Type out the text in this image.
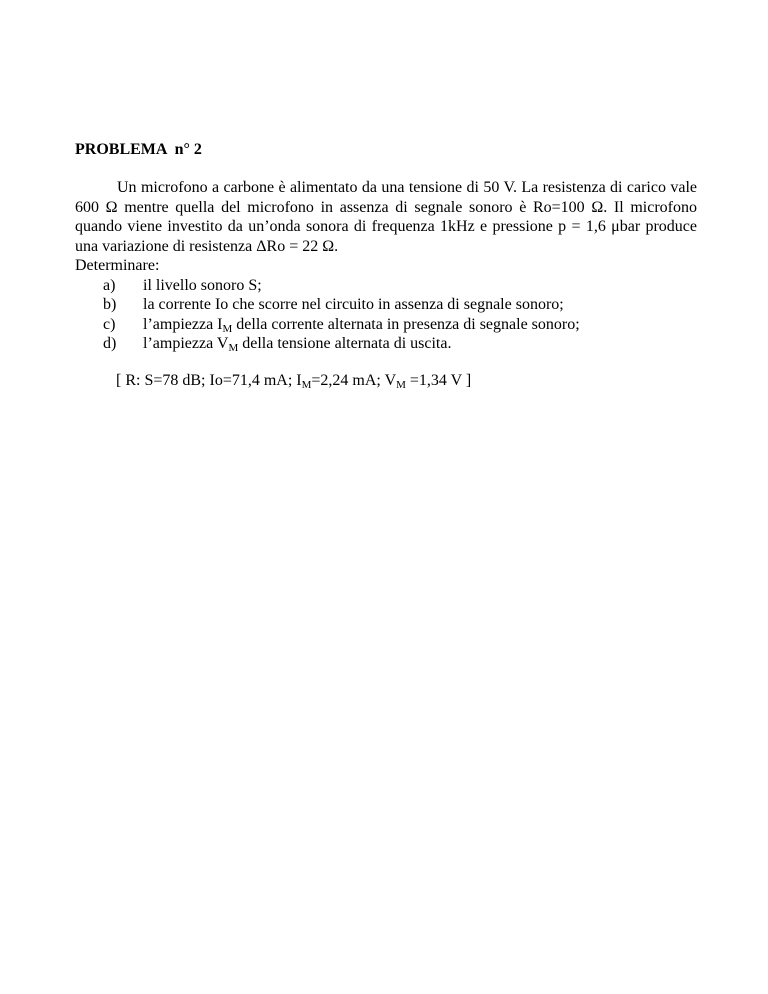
PROBLEMA  n° 2

Un microfono a carbone è alimentato da una tensione di 50 V. La resistenza di carico vale 600 Ω mentre quella del microfono in assenza di segnale sonoro è Ro=100 Ω. Il microfono quando viene investito da un’onda sonora di frequenza 1kHz e pressione p = 1,6 μbar produce una variazione di resistenza ΔRo = 22 Ω.

Determinare:

a) il livello sonoro S;
b) la corrente Io che scorre nel circuito in assenza di segnale sonoro;
c) l’ampiezza $I_M$ della corrente alternata in presenza di segnale sonoro;
d) l’ampiezza $V_M$ della tensione alternata di uscita.
[ R: S=78 dB; Io=71,4 mA; $I_M=2,24$ mA; $V_M =1,34$ V ]
